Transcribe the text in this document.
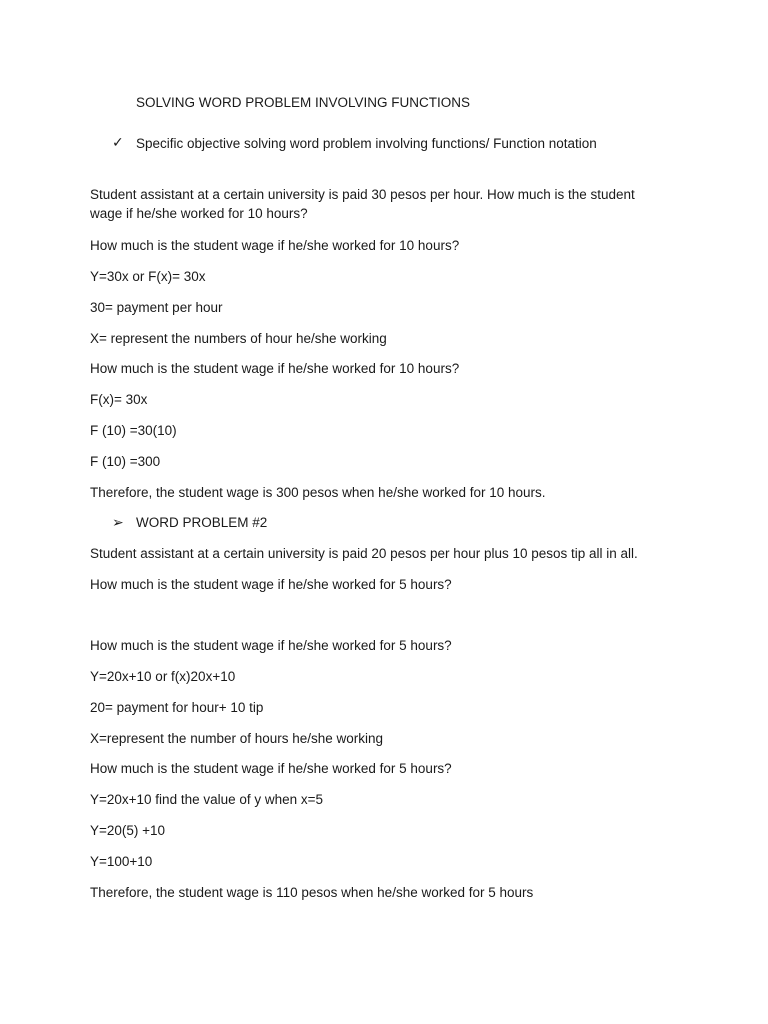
SOLVING WORD PROBLEM INVOLVING FUNCTIONS
✓ Specific objective solving word problem involving functions/ Function notation
Student assistant at a certain university is paid 30 pesos per hour. How much is the student wage if he/she worked for 10 hours?
How much is the student wage if he/she worked for 10 hours?
Y=30x or F(x)= 30x
30= payment per hour
X= represent the numbers of hour he/she working
How much is the student wage if he/she worked for 10 hours?
F(x)= 30x
F (10) =30(10)
F (10) =300
Therefore, the student wage is 300 pesos when he/she worked for 10 hours.
➢ WORD PROBLEM #2
Student assistant at a certain university is paid 20 pesos per hour plus 10 pesos tip all in all.
How much is the student wage if he/she worked for 5 hours?
How much is the student wage if he/she worked for 5 hours?
Y=20x+10 or f(x)20x+10
20= payment for hour+ 10 tip
X=represent the number of hours he/she working
How much is the student wage if he/she worked for 5 hours?
Y=20x+10 find the value of y when x=5
Y=20(5) +10
Y=100+10
Therefore, the student wage is 110 pesos when he/she worked for 5 hours
